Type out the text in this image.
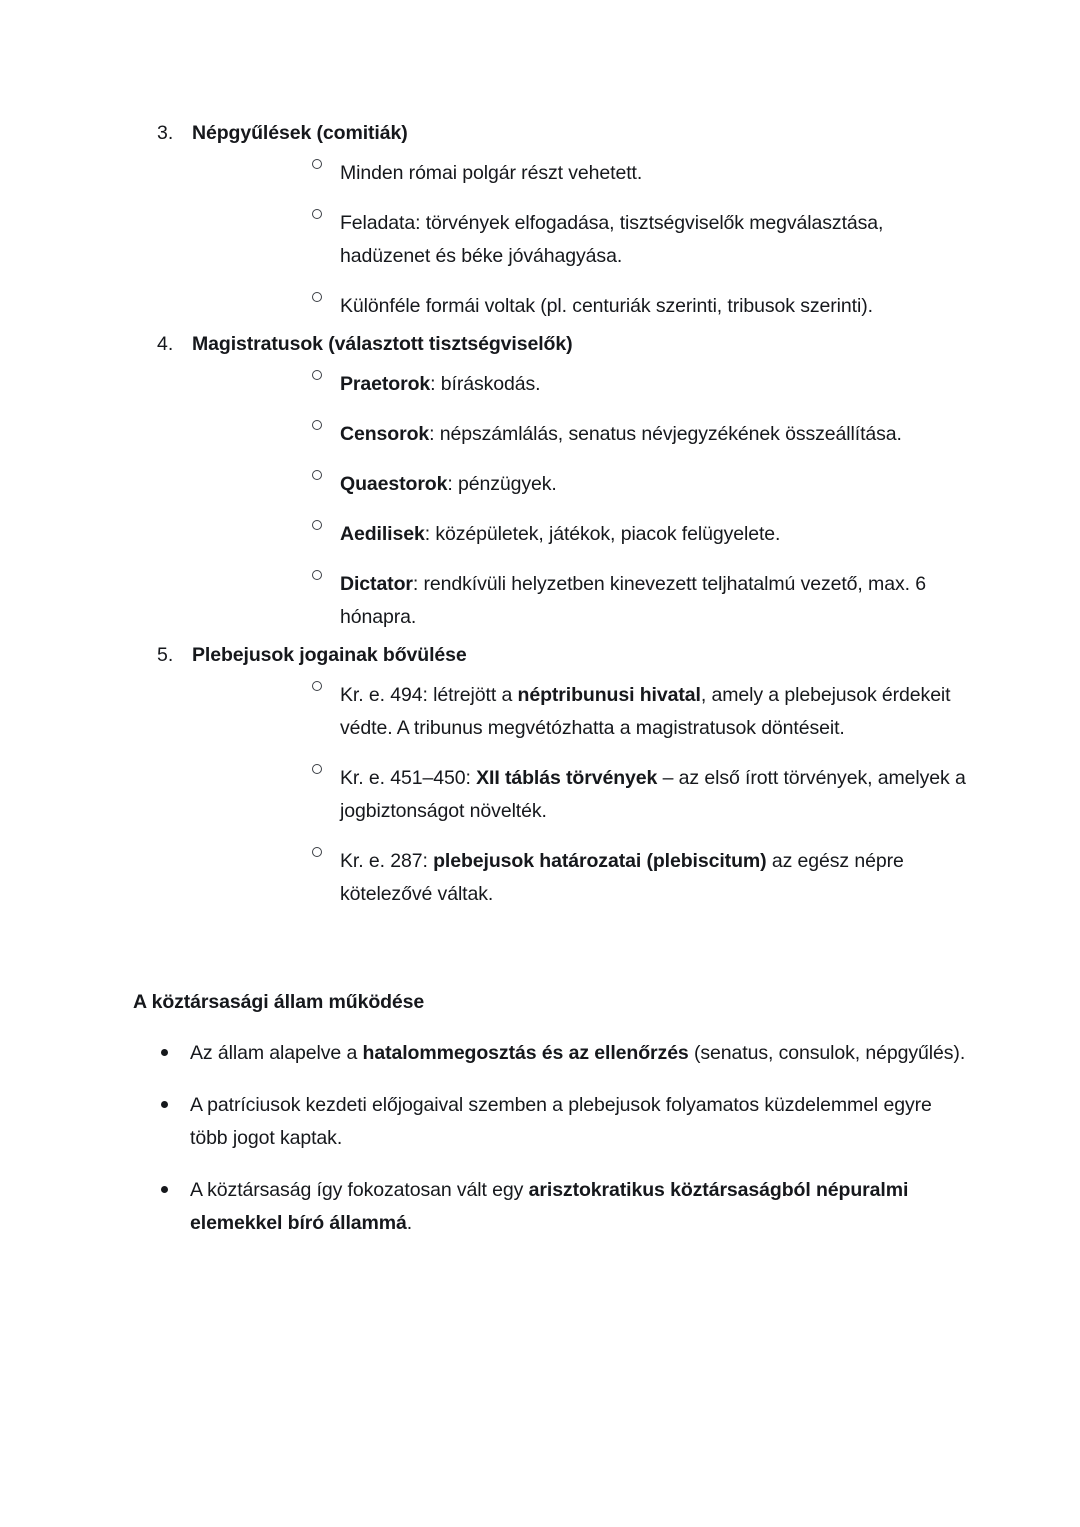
3. Népgyűlések (comitiák)
Minden római polgár részt vehetett.
Feladata: törvények elfogadása, tisztségviselők megválasztása, hadüzenet és béke jóváhagyása.
Különféle formái voltak (pl. centuriák szerinti, tribusok szerinti).
4. Magistratusok (választott tisztségviselők)
Praetorok: bíráskodás.
Censorok: népszámlálás, senatus névjegyzékének összeállítása.
Quaestorok: pénzügyek.
Aedilisek: középületek, játékok, piacok felügyelete.
Dictator: rendkívüli helyzetben kinevezett teljhatalmú vezető, max. 6 hónapra.
5. Plebejusok jogainak bővülése
Kr. e. 494: létrejött a néptribunusi hivatal, amely a plebejusok érdekeit védte. A tribunus megvétózhatta a magistratusok döntéseit.
Kr. e. 451–450: XII táblás törvények – az első írott törvények, amelyek a jogbiztonságot növelték.
Kr. e. 287: plebejusok határozatai (plebiscitum) az egész népre kötelezővé váltak.
A köztársasági állam működése
Az állam alapelve a hatalommegosztás és az ellenőrzés (senatus, consulok, népgyűlés).
A patríciusok kezdeti előjogaival szemben a plebejusok folyamatos küzdelemmel egyre több jogot kaptak.
A köztársaság így fokozatosan vált egy arisztokratikus köztársaságból népuralmi elemekkel bíró állammá.
